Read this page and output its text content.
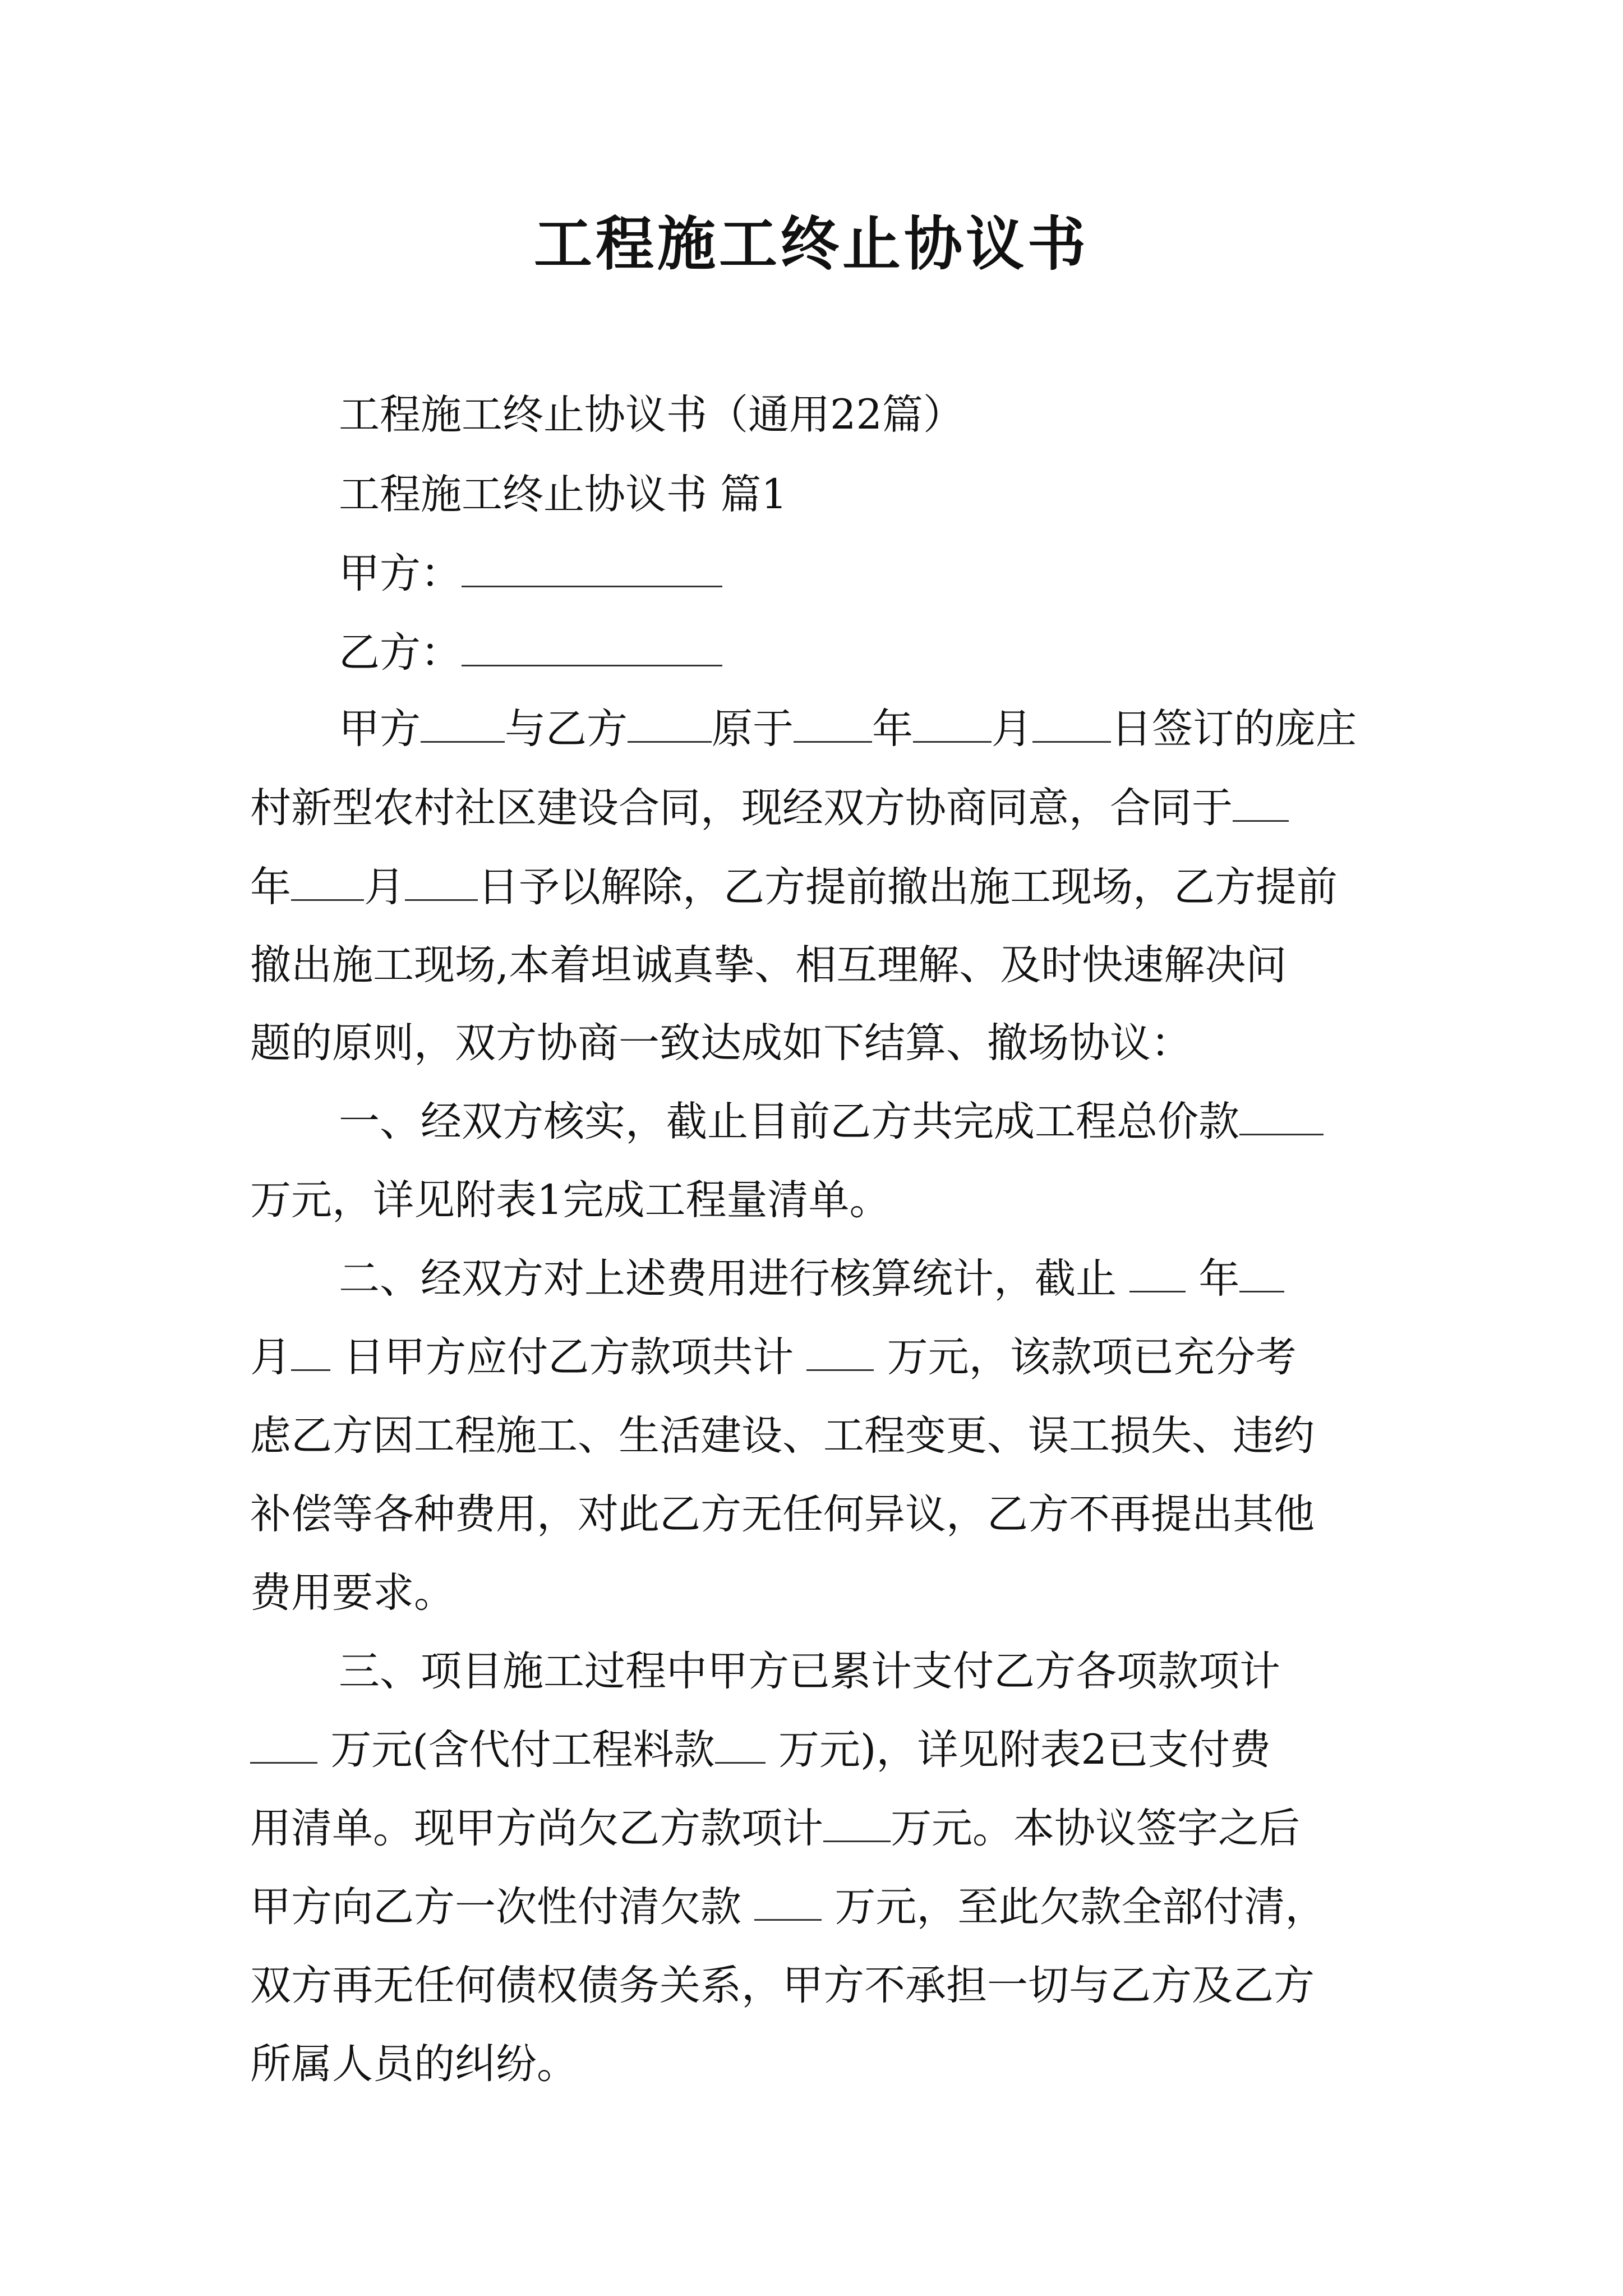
工程施工终止协议书

工程施工终止协议书（通用22篇）

工程施工终止协议书 篇1

甲方：

乙方：

甲方 与乙方 原于 年 月 日签订的庞庄

村新型农村社区建设合同，现经双方协商同意，合同于

年 月 日予以解除，乙方提前撤出施工现场，乙方提前

撤出施工现场,本着坦诚真挚、相互理解、及时快速解决问

题的原则，双方协商一致达成如下结算、撤场协议：

一、经双方核实，截止目前乙方共完成工程总价款

万元，详见附表1完成工程量清单。

二、经双方对上述费用进行核算统计，截止  年

月 日甲方应付乙方款项共计  万元，该款项已充分考

虑乙方因工程施工、生活建设、工程变更、误工损失、违约

补偿等各种费用，对此乙方无任何异议，乙方不再提出其他

费用要求。

三、项目施工过程中甲方已累计支付乙方各项款项计

万元(含代付工程料款 万元)，详见附表2已支付费

用清单。现甲方尚欠乙方款项计 万元。本协议签字之后

甲方向乙方一次性付清欠款  万元，至此欠款全部付清，

双方再无任何债权债务关系，甲方不承担一切与乙方及乙方

所属人员的纠纷。
